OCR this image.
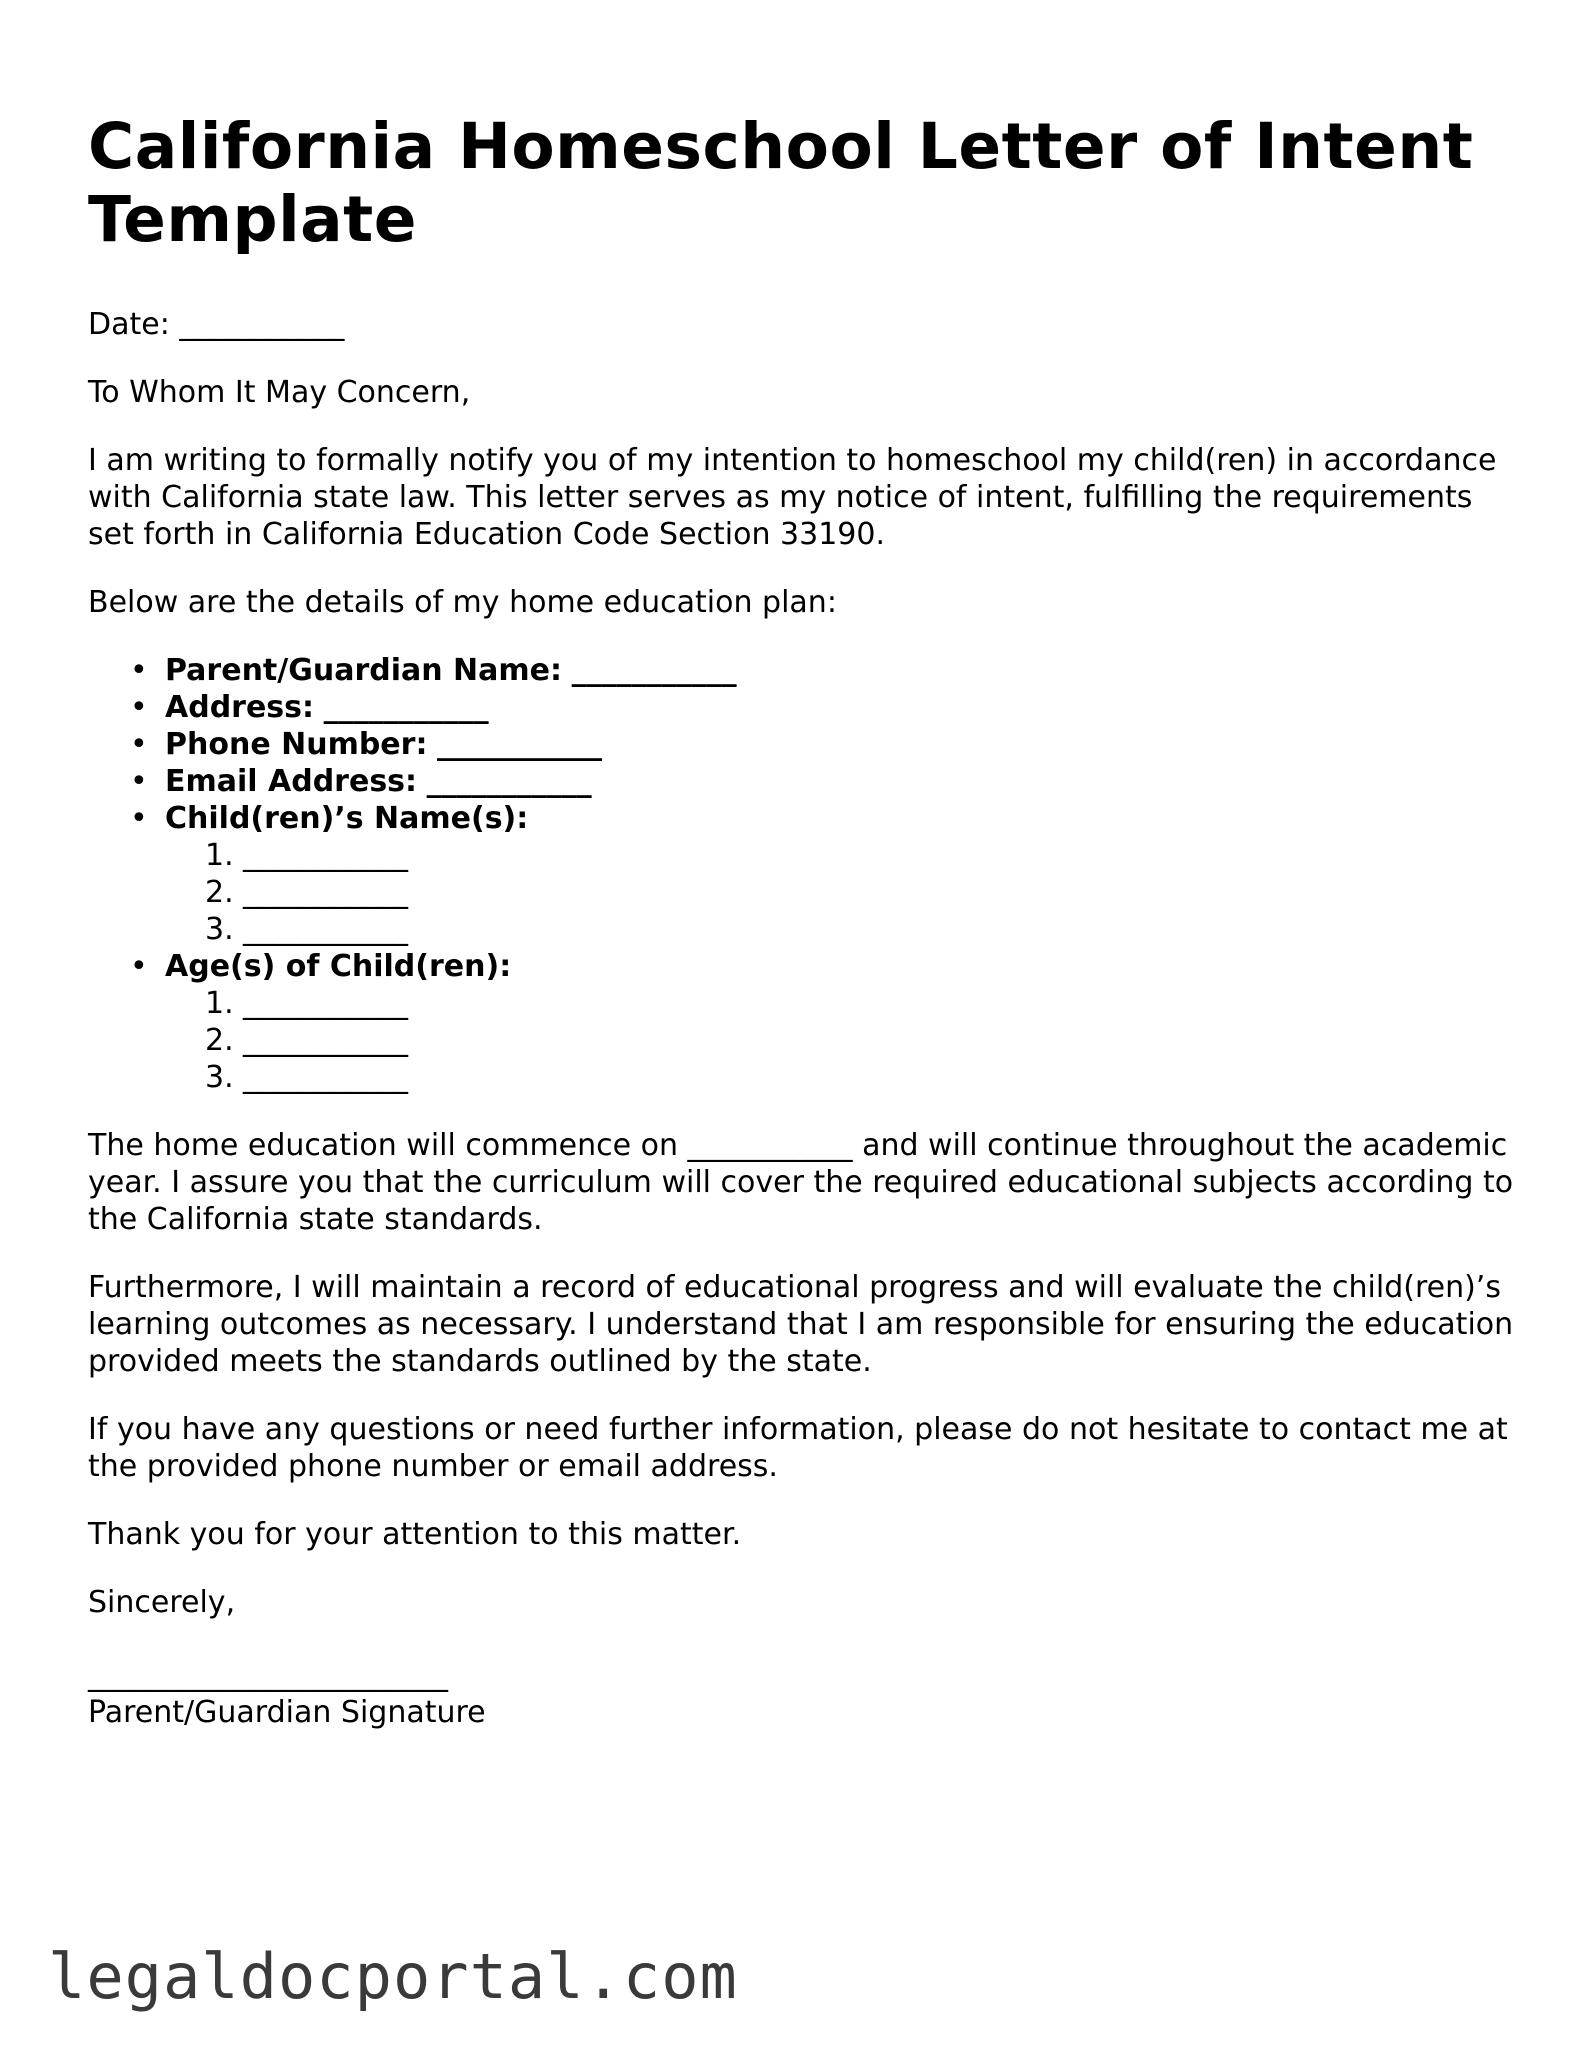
California Homeschool Letter of Intent Template

Date: ___________

To Whom It May Concern,

I am writing to formally notify you of my intention to homeschool my child(ren) in accordance with California state law. This letter serves as my notice of intent, fulfilling the requirements set forth in California Education Code Section 33190.

Below are the details of my home education plan:

• Parent/Guardian Name: ___________
• Address: ___________
• Phone Number: ___________
• Email Address: ___________
• Child(ren)’s Name(s):
1. ___________
2. ___________
3. ___________
• Age(s) of Child(ren):
1. ___________
2. ___________
3. ___________

The home education will commence on ___________ and will continue throughout the academic year. I assure you that the curriculum will cover the required educational subjects according to the California state standards.

Furthermore, I will maintain a record of educational progress and will evaluate the child(ren)’s learning outcomes as necessary. I understand that I am responsible for ensuring the education provided meets the standards outlined by the state.

If you have any questions or need further information, please do not hesitate to contact me at the provided phone number or email address.

Thank you for your attention to this matter.

Sincerely,

________________________
Parent/Guardian Signature
legaldocportal.com
